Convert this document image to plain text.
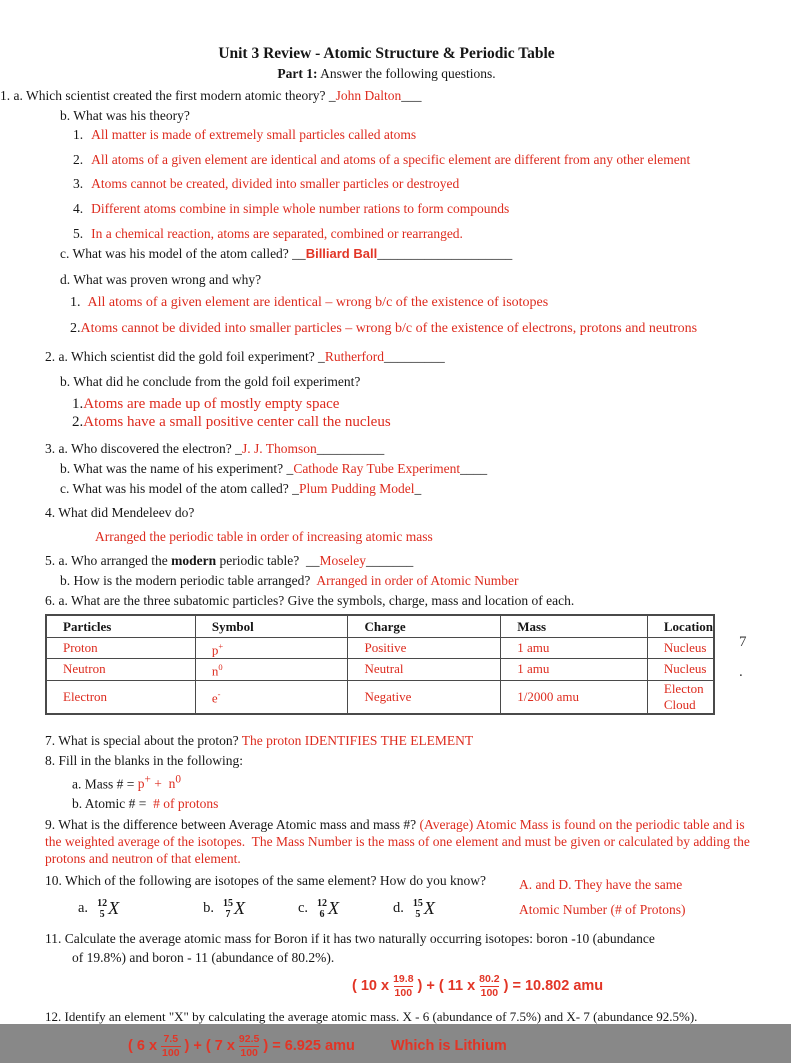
Unit 3 Review - Atomic Structure & Periodic Table
Part 1: Answer the following questions.
1. a. Which scientist created the first modern atomic theory? _John Dalton___
b. What was his theory?
1. All matter is made of extremely small particles called atoms
2. All atoms of a given element are identical and atoms of a specific element are different from any other element
3. Atoms cannot be created, divided into smaller particles or destroyed
4. Different atoms combine in simple whole number rations to form compounds
5. In a chemical reaction, atoms are separated, combined or rearranged.
c. What was his model of the atom called? __Billiard Ball____________________
d. What was proven wrong and why?
1. All atoms of a given element are identical – wrong b/c of the existence of isotopes
2.Atoms cannot be divided into smaller particles – wrong b/c of the existence of electrons, protons and neutrons
2. a. Which scientist did the gold foil experiment? _Rutherford_________
b. What did he conclude from the gold foil experiment?
1.Atoms are made up of mostly empty space
2.Atoms have a small positive center call the nucleus
3. a. Who discovered the electron? _J. J. Thomson__________
b. What was the name of his experiment? _Cathode Ray Tube Experiment____
c. What was his model of the atom called? _Plum Pudding Model_
4. What did Mendeleev do?
Arranged the periodic table in order of increasing atomic mass
5. a. Who arranged the modern periodic table?  __Moseley_______
b. How is the modern periodic table arranged?  Arranged in order of Atomic Number
6. a. What are the three subatomic particles? Give the symbols, charge, mass and location of each.
Particles	Symbol	Charge	Mass	Location
Proton	p+	Positive	1 amu	Nucleus
Neutron	$n^0$	Neutral	1 amu	Nucleus
Electron	e-	Negative	1/2000 amu	Electon Cloud
7
.
7. What is special about the proton? The proton IDENTIFIES THE ELEMENT
8. Fill in the blanks in the following:
a. Mass # = $p^+ + n^0$
b. Atomic # =  # of protons
9. What is the difference between Average Atomic mass and mass #? (Average) Atomic Mass is found on the periodic table and is the weighted average of the isotopes.  The Mass Number is the mass of one element and must be given or calculated by adding the protons and neutron of that element.
10. Which of the following are isotopes of the same element? How do you know?	A. and D. They have the same
Atomic Number (# of Protons)
a. 12
5 X	b. 15
7 X	c. 12
6 X	d. 15
5 X
11. Calculate the average atomic mass for Boron if it has two naturally occurring isotopes: boron -10 (abundance
of 19.8%) and boron - 11 (abundance of 80.2%).
( 10 x $\frac{19.8}{100}$ ) + ( 11 x $\frac{80.2}{100}$ ) = 10.802 amu
12. Identify an element "X" by calculating the average atomic mass. X - 6 (abundance of 7.5%) and X- 7 (abundance 92.5%).
( 6 x $\frac{7.5}{100}$ ) + ( 7 x $\frac{92.5}{100}$ ) = 6.925 amu Which is Lithium
